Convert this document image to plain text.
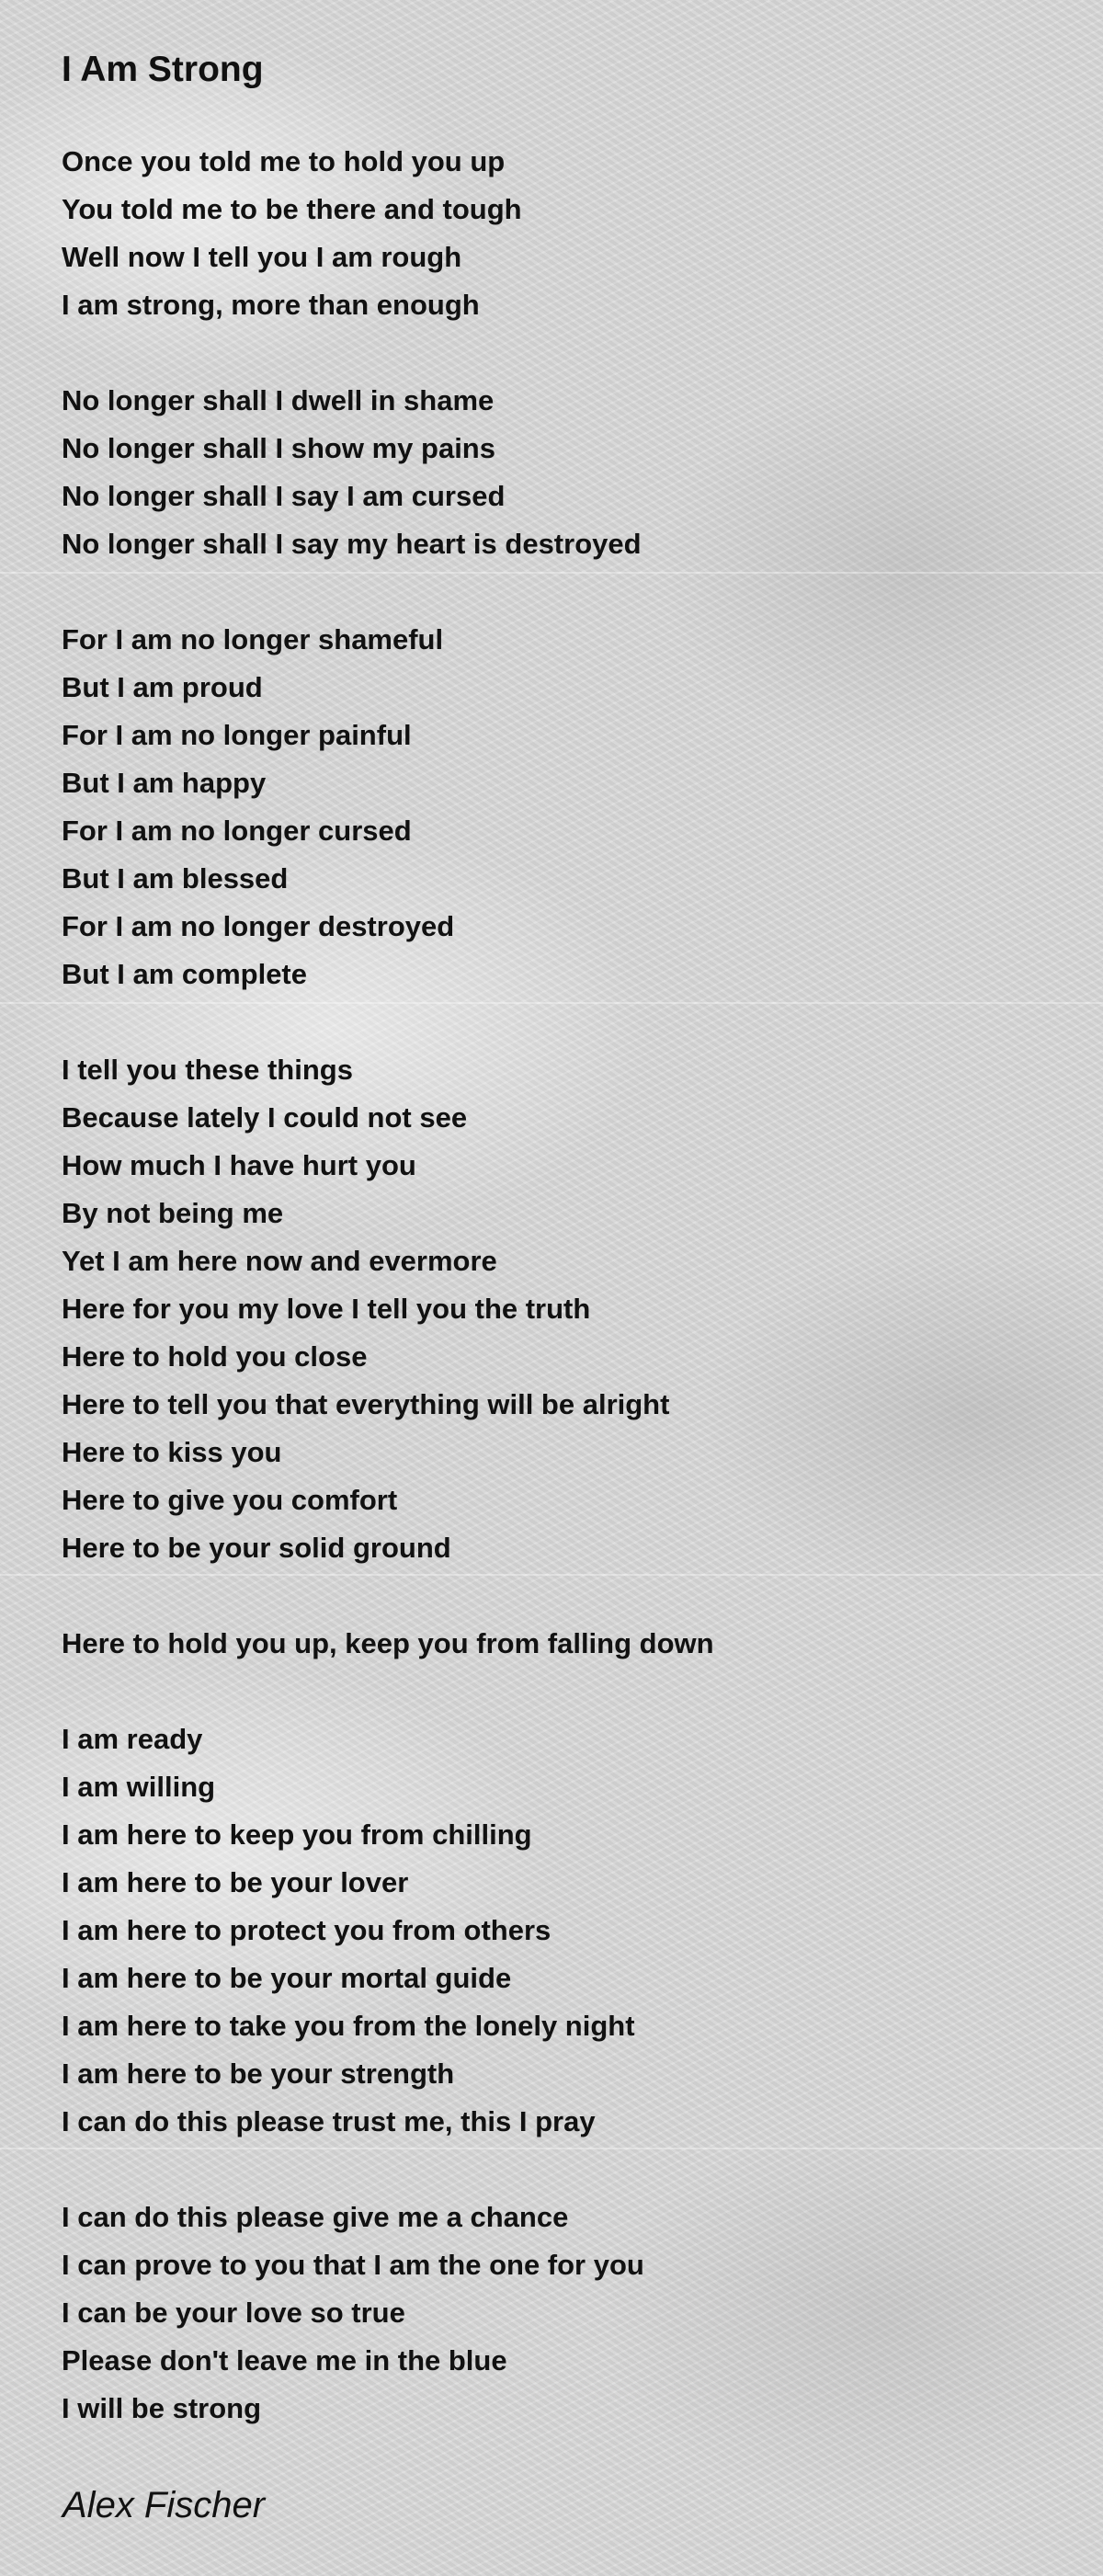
I Am Strong

Once you told me to hold you up
You told me to be there and tough
Well now I tell you I am rough
I am strong, more than enough

No longer shall I dwell in shame
No longer shall I show my pains
No longer shall I say I am cursed
No longer shall I say my heart is destroyed

For I am no longer shameful
But I am proud
For I am no longer painful
But I am happy
For I am no longer cursed
But I am blessed
For I am no longer destroyed
But I am complete

I tell you these things
Because lately I could not see
How much I have hurt you
By not being me
Yet I am here now and evermore
Here for you my love I tell you the truth
Here to hold you close
Here to tell you that everything will be alright
Here to kiss you
Here to give you comfort
Here to be your solid ground

Here to hold you up, keep you from falling down

I am ready
I am willing
I am here to keep you from chilling
I am here to be your lover
I am here to protect you from others
I am here to be your mortal guide
I am here to take you from the lonely night
I am here to be your strength
I can do this please trust me, this I pray

I can do this please give me a chance
I can prove to you that I am the one for you
I can be your love so true
Please don't leave me in the blue
I will be strong

Alex Fischer
